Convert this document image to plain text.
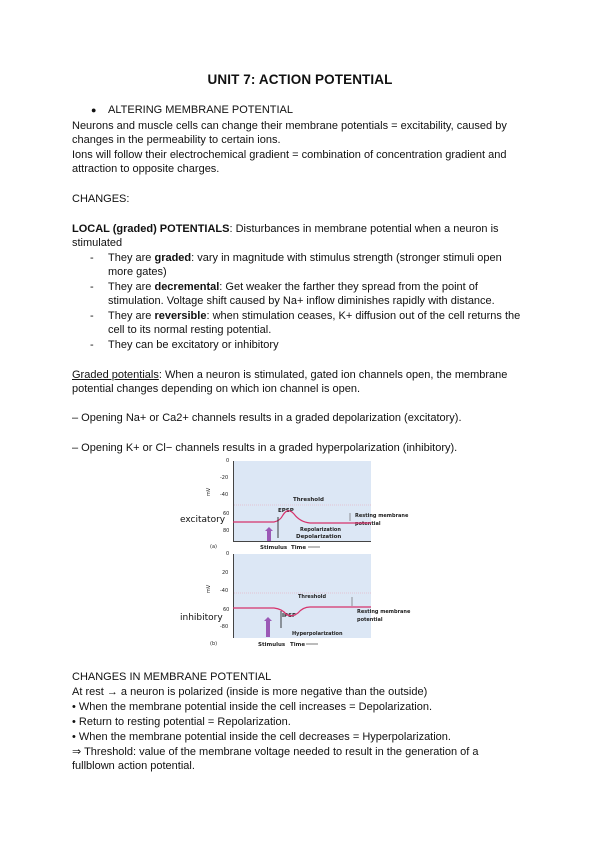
UNIT 7: ACTION POTENTIAL
● ALTERING MEMBRANE POTENTIAL
Neurons and muscle cells can change their membrane potentials = excitability, caused by
changes in the permeability to certain ions.
Ions will follow their electrochemical gradient = combination of concentration gradient and
attraction to opposite charges.
CHANGES:
LOCAL (graded) POTENTIALS: Disturbances in membrane potential when a neuron is
stimulated
- They are graded: vary in magnitude with stimulus strength (stronger stimuli open
more gates)
- They are decremental: Get weaker the farther they spread from the point of
stimulation. Voltage shift caused by Na+ inflow diminishes rapidly with distance.
- They are reversible: when stimulation ceases, K+ diffusion out of the cell returns the
cell to its normal resting potential.
- They can be excitatory or inhibitory
Graded potentials: When a neuron is stimulated, gated ion channels open, the membrane
potential changes depending on which ion channel is open.
– Opening Na+ or Ca2+ channels results in a graded depolarization (excitatory).
– Opening K+ or Cl− channels results in a graded hyperpolarization (inhibitory).
0
-20
-40
60
80
mV
excitatory
(a)
Threshold
EPSP
Resting membrane
potential
Repolarization
Depolarization
Stimulus Time
0
20
-40
60
-80
mV
inhibitory
(b)
Threshold
IPSP
Resting membrane
potential
Hyperpolarization
Stimulus Time
CHANGES IN MEMBRANE POTENTIAL
At rest → a neuron is polarized (inside is more negative than the outside)
• When the membrane potential inside the cell increases = Depolarization.
• Return to resting potential = Repolarization.
• When the membrane potential inside the cell decreases = Hyperpolarization.
⇒ Threshold: value of the membrane voltage needed to result in the generation of a
fullblown action potential.
